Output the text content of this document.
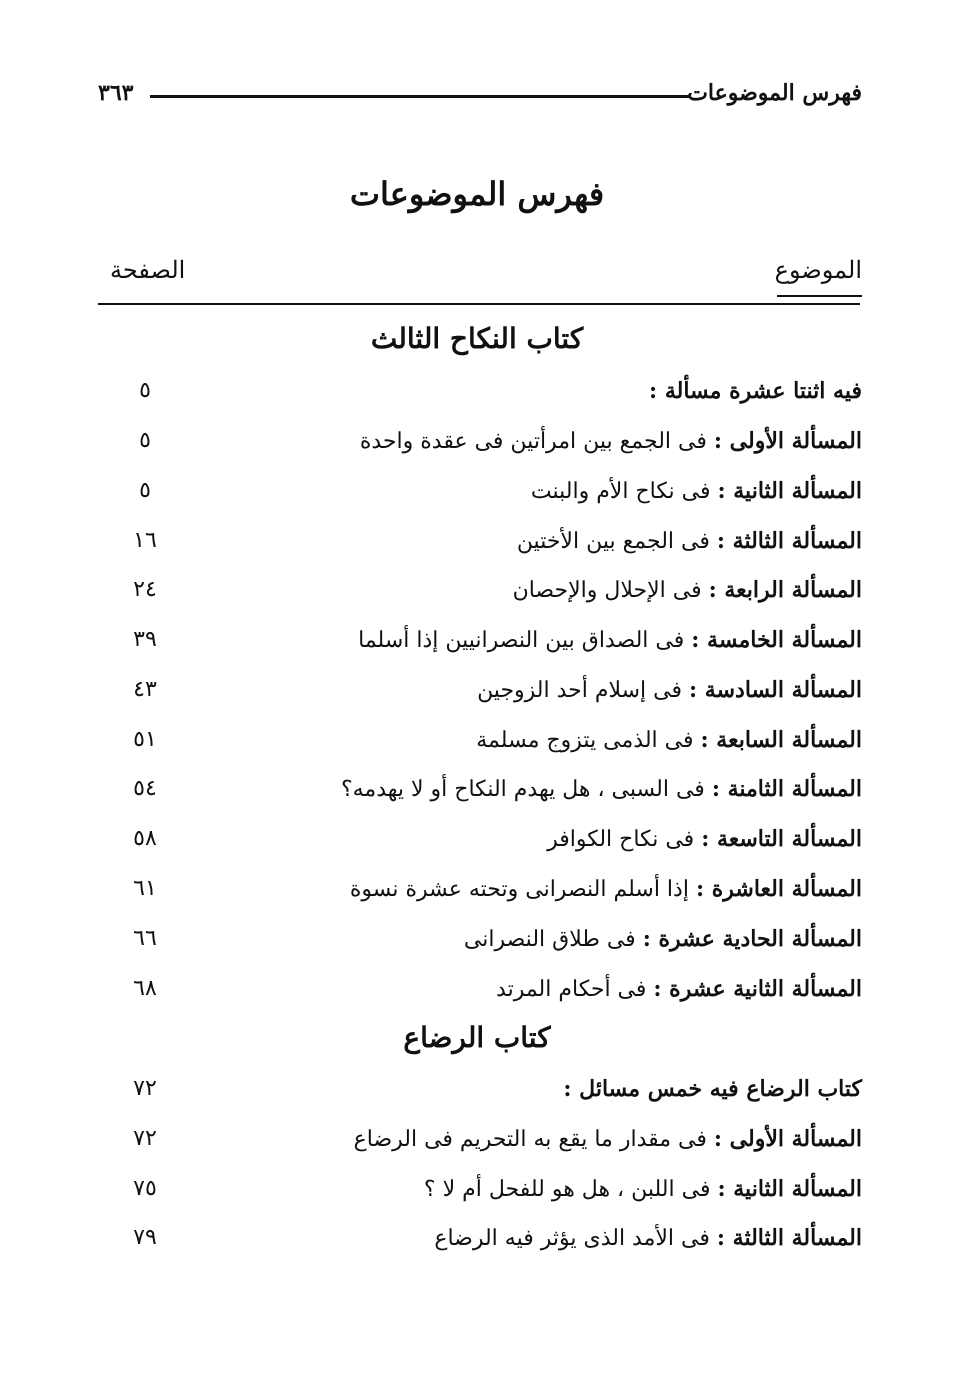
فهرس الموضوعات
٣٦٣
فهرس الموضوعات
الموضوع
الصفحة
كتاب النكاح الثالث
فيه اثنتا عشرة مسألة :
٥
المسألة الأولى : فى الجمع بين امرأتين فى عقدة واحدة
٥
المسألة الثانية : فى نكاح الأم والبنت
٥
المسألة الثالثة : فى الجمع بين الأختين
١٦
المسألة الرابعة : فى الإحلال والإحصان
٢٤
المسألة الخامسة : فى الصداق بين النصرانيين إذا أسلما
٣٩
المسألة السادسة : فى إسلام أحد الزوجين
٤٣
المسألة السابعة : فى الذمى يتزوج مسلمة
٥١
المسألة الثامنة : فى السبى ، هل يهدم النكاح أو لا يهدمه؟
٥٤
المسألة التاسعة : فى نكاح الكوافر
٥٨
المسألة العاشرة : إذا أسلم النصرانى وتحته عشرة نسوة
٦١
المسألة الحادية عشرة : فى طلاق النصرانى
٦٦
المسألة الثانية عشرة : فى أحكام المرتد
٦٨
كتاب الرضاع
كتاب الرضاع فيه خمس مسائل :
٧٢
المسألة الأولى : فى مقدار ما يقع به التحريم فى الرضاع
٧٢
المسألة الثانية : فى اللبن ، هل هو للفحل أم لا ؟
٧٥
المسألة الثالثة : فى الأمد الذى يؤثر فيه الرضاع
٧٩
